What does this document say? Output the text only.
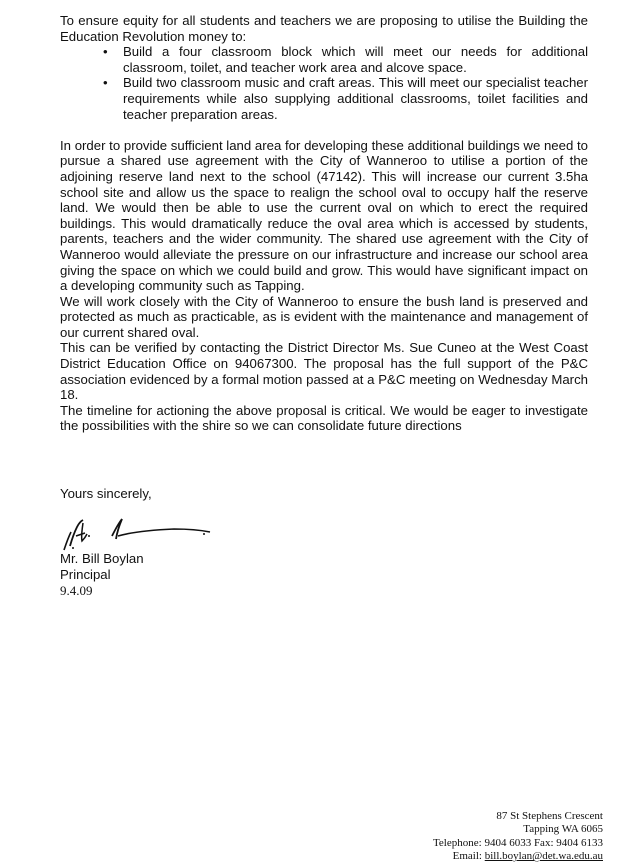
To ensure equity for all students and teachers we are proposing to utilise the Building the Education Revolution money to:

• Build a four classroom block which will meet our needs for additional classroom, toilet, and teacher work area and alcove space.
• Build two classroom music and craft areas. This will meet our specialist teacher requirements while also supplying additional classrooms, toilet facilities and teacher preparation areas.

In order to provide sufficient land area for developing these additional buildings we need to pursue a shared use agreement with the City of Wanneroo to utilise a portion of the adjoining reserve land next to the school (47142). This will increase our current 3.5ha school site and allow us the space to realign the school oval to occupy half the reserve land. We would then be able to use the current oval on which to erect the required buildings. This would dramatically reduce the oval area which is accessed by students, parents, teachers and the wider community. The shared use agreement with the City of Wanneroo would alleviate the pressure on our infrastructure and increase our school area giving the space on which we could build and grow. This would have significant impact on a developing community such as Tapping.

We will work closely with the City of Wanneroo to ensure the bush land is preserved and protected as much as practicable, as is evident with the maintenance and management of our current shared oval.

This can be verified by contacting the District Director Ms. Sue Cuneo at the West Coast District Education Office on 94067300. The proposal has the full support of the P&C association evidenced by a formal motion passed at a P&C meeting on Wednesday March 18.

The timeline for actioning the above proposal is critical. We would be eager to investigate the possibilities with the shire so we can consolidate future directions

Yours sincerely,
Mr. Bill Boylan
Principal
9.4.09
87 St Stephens Crescent
Tapping WA 6065
Telephone: 9404 6033 Fax: 9404 6133
Email: bill.boylan@det.wa.edu.au
